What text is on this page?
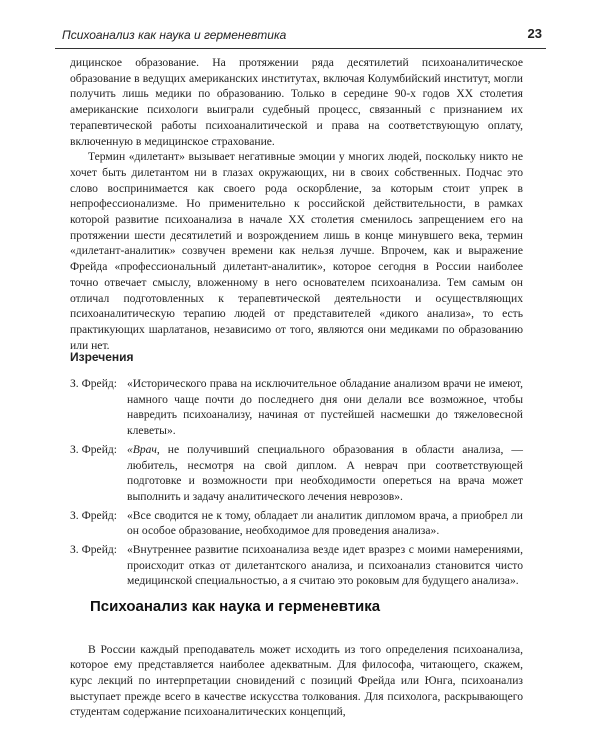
Психоанализ как наука и герменевтика	23

дицинское образование. На протяжении ряда десятилетий психоаналитическое образование в ведущих американских институтах, включая Колумбийский институт, могли получить лишь медики по образованию. Только в середине 90-х годов XX столетия американские психологи выиграли судебный процесс, связанный с признанием их терапевтической работы психоаналитической и права на соответствующую оплату, включенную в медицинское страхование.

Термин «дилетант» вызывает негативные эмоции у многих людей, поскольку никто не хочет быть дилетантом ни в глазах окружающих, ни в своих собственных. Подчас это слово воспринимается как своего рода оскорбление, за которым стоит упрек в непрофессионализме. Но применительно к российской действительности, в рамках которой развитие психоанализа в начале XX столетия сменилось запрещением его на протяжении шести десятилетий и возрождением лишь в конце минувшего века, термин «дилетант-аналитик» созвучен времени как нельзя лучше. Впрочем, как и выражение Фрейда «профессиональный дилетант-аналитик», которое сегодня в России наиболее точно отвечает смыслу, вложенному в него основателем психоанализа. Тем самым он отличал подготовленных к терапевтической деятельности и осуществляющих психоаналитическую терапию людей от представителей «дикого анализа», то есть практикующих шарлатанов, независимо от того, являются они медиками по образованию или нет.

Изречения
З. Фрейд: «Исторического права на исключительное обладание анализом врачи не имеют, намного чаще почти до последнего дня они делали все возможное, чтобы навредить психоанализу, начиная от пустейшей насмешки до тяжеловесной клеветы».
З. Фрейд: «Врач, не получивший специального образования в области анализа, — любитель, несмотря на свой диплом. А неврач при соответствующей подготовке и возможности при необходимости опереться на врача может выполнить и задачу аналитического лечения неврозов».
З. Фрейд: «Все сводится не к тому, обладает ли аналитик дипломом врача, а приобрел ли он особое образование, необходимое для проведения анализа».
З. Фрейд: «Внутреннее развитие психоанализа везде идет вразрез с моими намерениями, происходит отказ от дилетантского анализа, и психоанализ становится чисто медицинской специальностью, а я считаю это роковым для будущего анализа».
Психоанализ как наука и герменевтика

В России каждый преподаватель может исходить из того определения психоанализа, которое ему представляется наиболее адекватным. Для философа, читающего, скажем, курс лекций по интерпретации сновидений с позиций Фрейда или Юнга, психоанализ выступает прежде всего в качестве искусства толкования. Для психолога, раскрывающего студентам содержание психоаналитических концепций,
